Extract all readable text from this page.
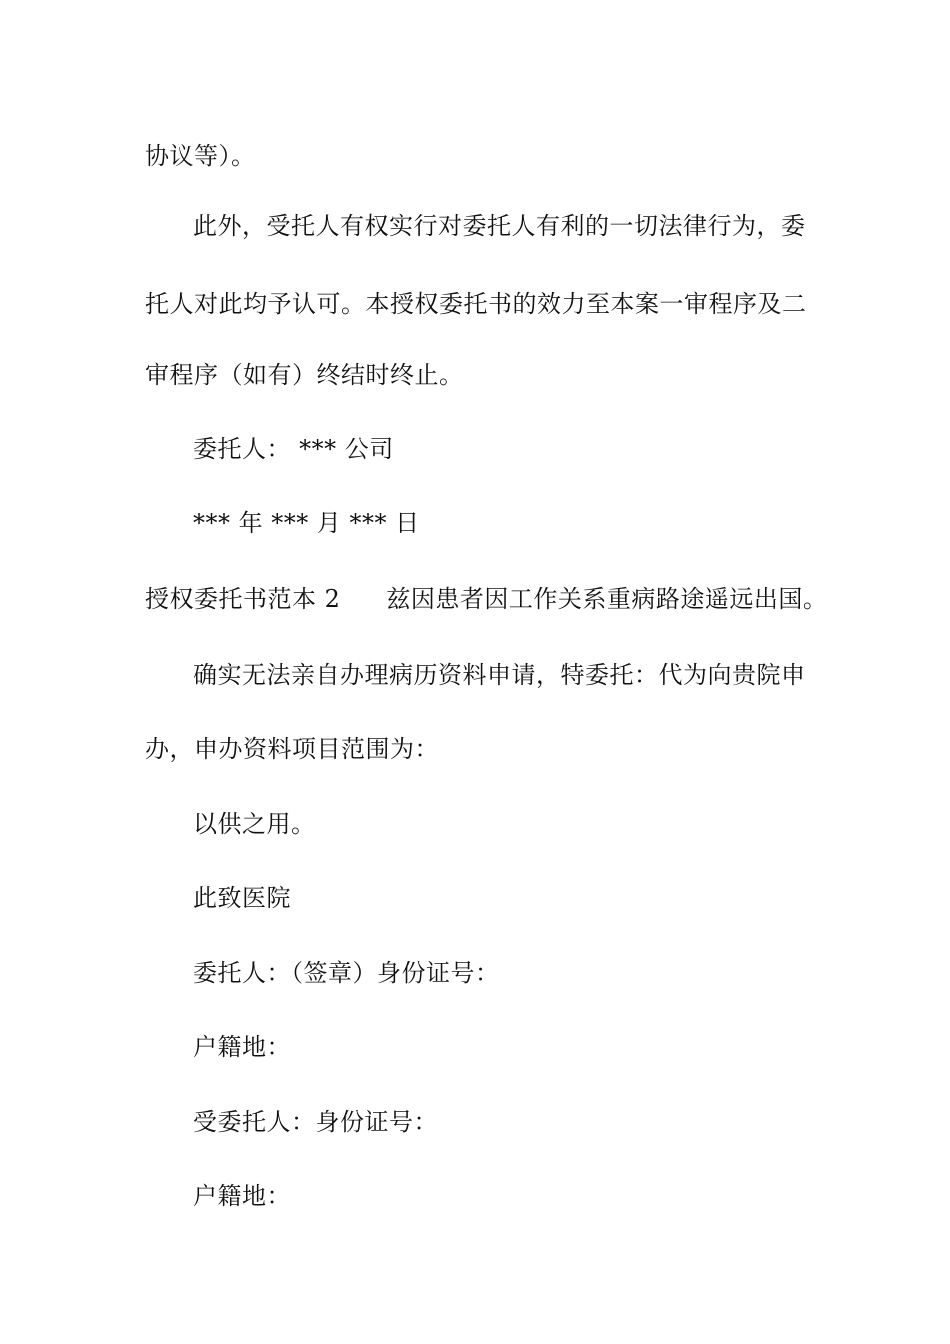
协议等）。
此外，受托人有权实行对委托人有利的一切法律行为，委
托人对此均予认可。本授权委托书的效力至本案一审程序及二
审程序（如有）终结时终止。
委托人： *** 公司
*** 年 *** 月 *** 日
授权委托书范本 2 兹因患者因工作关系重病路途遥远出国。
确实无法亲自办理病历资料申请，特委托：代为向贵院申
办，申办资料项目范围为：
以供之用。
此致医院
委托人：（签章）身份证号：
户籍地：
受委托人：身份证号：
户籍地：
